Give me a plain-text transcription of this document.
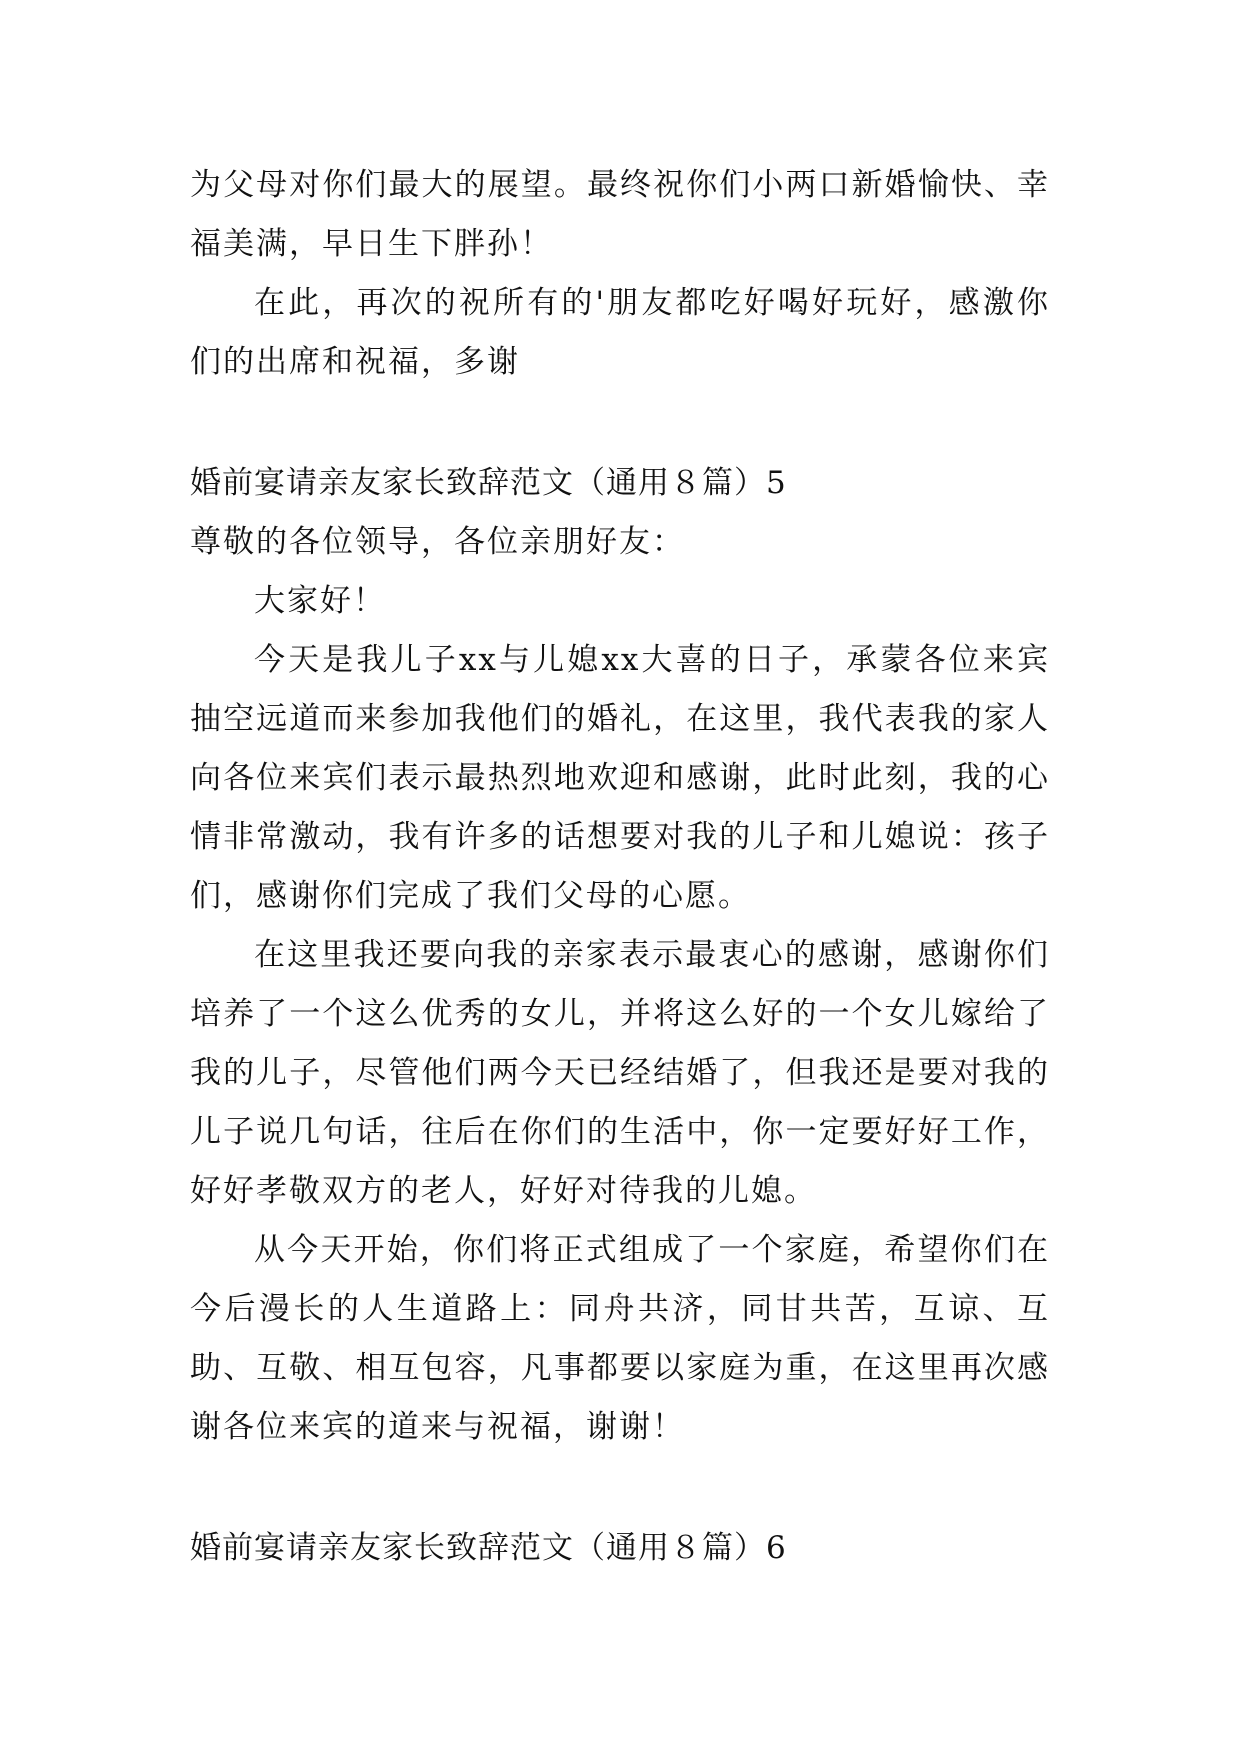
为父母对你们最大的展望。最终祝你们小两口新婚愉快、幸福美满，早日生下胖孙！

在此，再次的祝所有的'朋友都吃好喝好玩好，感激你们的出席和祝福，多谢

婚前宴请亲友家长致辞范文（通用８篇）5

尊敬的各位领导，各位亲朋好友：

大家好！

今天是我儿子xx与儿媳xx大喜的日子，承蒙各位来宾抽空远道而来参加我他们的婚礼，在这里，我代表我的家人向各位来宾们表示最热烈地欢迎和感谢，此时此刻，我的心情非常激动，我有许多的话想要对我的儿子和儿媳说：孩子们，感谢你们完成了我们父母的心愿。

在这里我还要向我的亲家表示最衷心的感谢，感谢你们培养了一个这么优秀的女儿，并将这么好的一个女儿嫁给了我的儿子，尽管他们两今天已经结婚了，但我还是要对我的儿子说几句话，往后在你们的生活中，你一定要好好工作，好好孝敬双方的老人，好好对待我的儿媳。

从今天开始，你们将正式组成了一个家庭，希望你们在今后漫长的人生道路上：同舟共济，同甘共苦，互谅、互助、互敬、相互包容，凡事都要以家庭为重，在这里再次感谢各位来宾的道来与祝福，谢谢！

婚前宴请亲友家长致辞范文（通用８篇）6
